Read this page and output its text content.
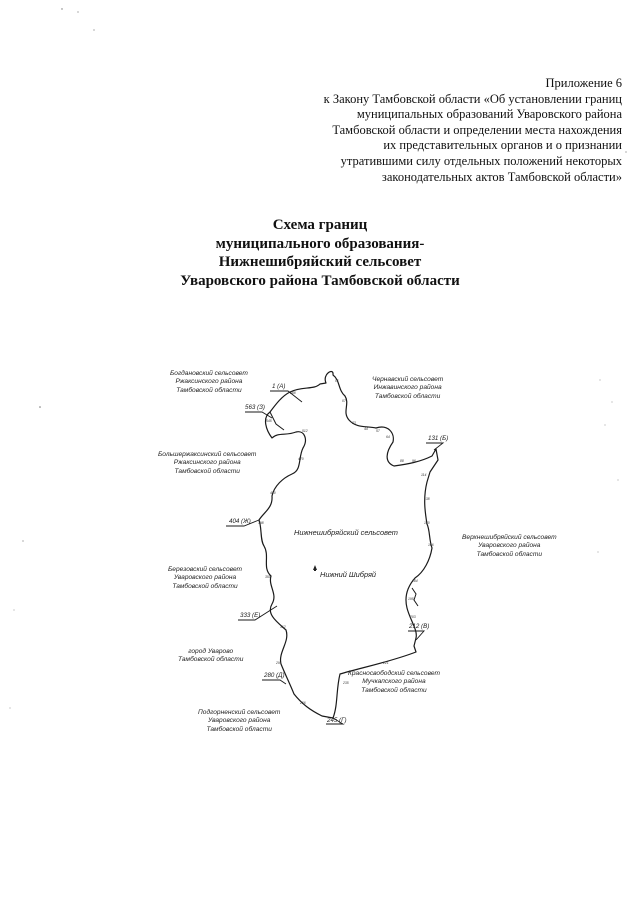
Приложение 6
к Закону Тамбовской области «Об установлении границ
муниципальных образований Уваровского района
Тамбовской области и определении места нахождения
их представительных органов и о признании
утратившими силу отдельных положений некоторых
законодательных актов Тамбовской области»
Схема границ
муниципального образования-
Нижнешибряйский сельсовет
Уваровского района Тамбовской области
01
07
33
44 57
64
88 96
114
138
150
166
184
195
203
221
235
256
291
312
350
398
430
470
512
545
588
Богдановский сельсовет
Ржаксинского района
Тамбовской области
Чернавский сельсовет
Инжавинского района
Тамбовской области
Большержаксинский сельсовет
Ржаксинского района
Тамбовской области
Верхнешибряйский сельсовет
Уваровского района
Тамбовской области
Березовский сельсовет
Уваровского района
Тамбовской области
город Уварово
Тамбовской области
Красносвободский сельсовет
Мучкапского района
Тамбовской области
Подгорненский сельсовет
Уваровского района
Тамбовской области
Нижнешибряйский сельсовет
Нижний Шибряй
1 (А)
563 (З)
131 (Б)
404 (Ж)
212 (В)
333 (Е)
280 (Д)
245 (Г)
